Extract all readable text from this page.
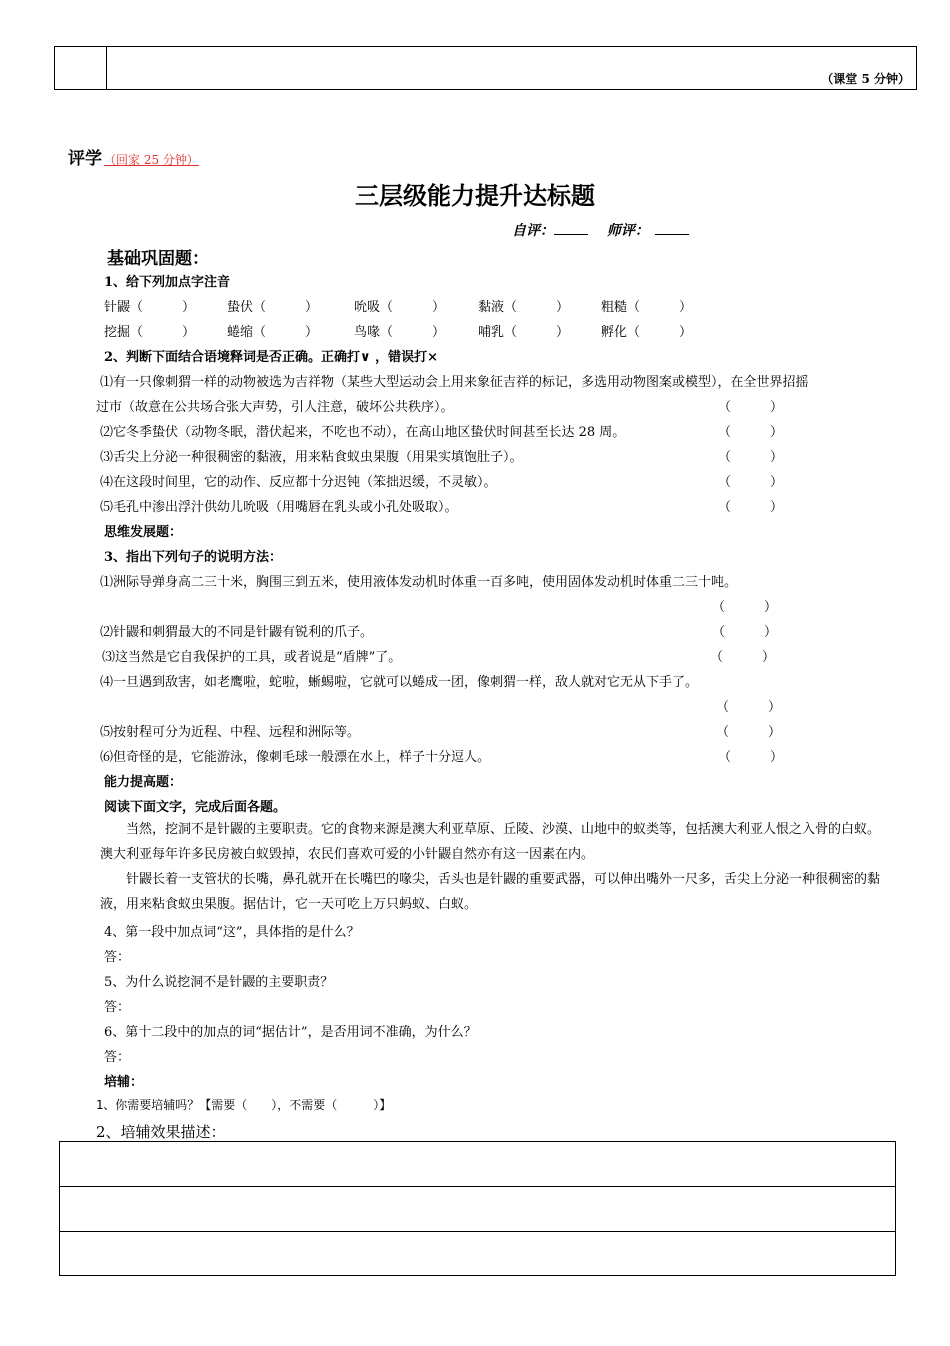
（课堂 5 分钟）
评学 （回家 25 分钟）
三层级能力提升达标题
自评：	师评：
基础巩固题：
1、给下列加点字注音
针鼹（　　　） 蛰伏（　　　）	吮吸（　　　）	黏液（　　　） 粗糙（　　　）
挖掘（　　　） 蜷缩（　　　）	鸟喙（　　　）	哺乳（　　　） 孵化（　　　）
2、判断下面结合语境释词是否正确。正确打∨ ，错误打×
⑴有一只像刺猬一样的动物被选为吉祥物（某些大型运动会上用来象征吉祥的标记，多选用动物图案或模型），在全世界招摇
过市（故意在公共场合张大声势，引人注意，破坏公共秩序）。	（　　　）
⑵它冬季蛰伏（动物冬眠，潜伏起来，不吃也不动），在高山地区蛰伏时间甚至长达 28 周。	（　　　）
⑶舌尖上分泌一种很稠密的黏液，用来粘食蚁虫果腹（用果实填饱肚子）。	（　　　）
⑷在这段时间里，它的动作、反应都十分迟钝（笨拙迟缓，不灵敏）。	（　　　）
⑸毛孔中渗出浮汁供幼儿吮吸（用嘴唇在乳头或小孔处吸取）。	（　　　）
思维发展题：
3、指出下列句子的说明方法：
⑴洲际导弹身高二三十米，胸围三到五米，使用液体发动机时体重一百多吨，使用固体发动机时体重二三十吨。
（　　　）
⑵针鼹和刺猬最大的不同是针鼹有锐利的爪子。	（　　　）
⑶这当然是它自我保护的工具，或者说是“盾牌”了。	（　　　）
⑷一旦遇到敌害，如老鹰啦，蛇啦，蜥蜴啦，它就可以蜷成一团，像刺猬一样，敌人就对它无从下手了。
（　　　）
⑸按射程可分为近程、中程、远程和洲际等。	（　　　）
⑹但奇怪的是，它能游泳，像刺毛球一般漂在水上，样子十分逗人。	（　　　）
能力提高题：
阅读下面文字，完成后面各题。
当然，挖洞不是针鼹的主要职责。它的食物来源是澳大利亚草原、丘陵、沙漠、山地中的蚁类等，包括澳大利亚人恨之入骨的白蚁。澳大利亚每年许多民房被白蚁毁掉，农民们喜欢可爱的小针鼹自然亦有这一因素在内。
针鼹长着一支管状的长嘴，鼻孔就开在长嘴巴的喙尖，舌头也是针鼹的重要武器，可以伸出嘴外一尺多，舌尖上分泌一种很稠密的黏液，用来粘食蚁虫果腹。据估计，它一天可吃上万只蚂蚁、白蚁。
4、第一段中加点词“这”，具体指的是什么？
答：
5、为什么说挖洞不是针鼹的主要职责？
答：
6、第十二段中的加点的词“据估计”，是否用词不准确，为什么？
答：
培辅：
1、你需要培辅吗？【需要（　　），不需要（　　　）】
2、培辅效果描述：
